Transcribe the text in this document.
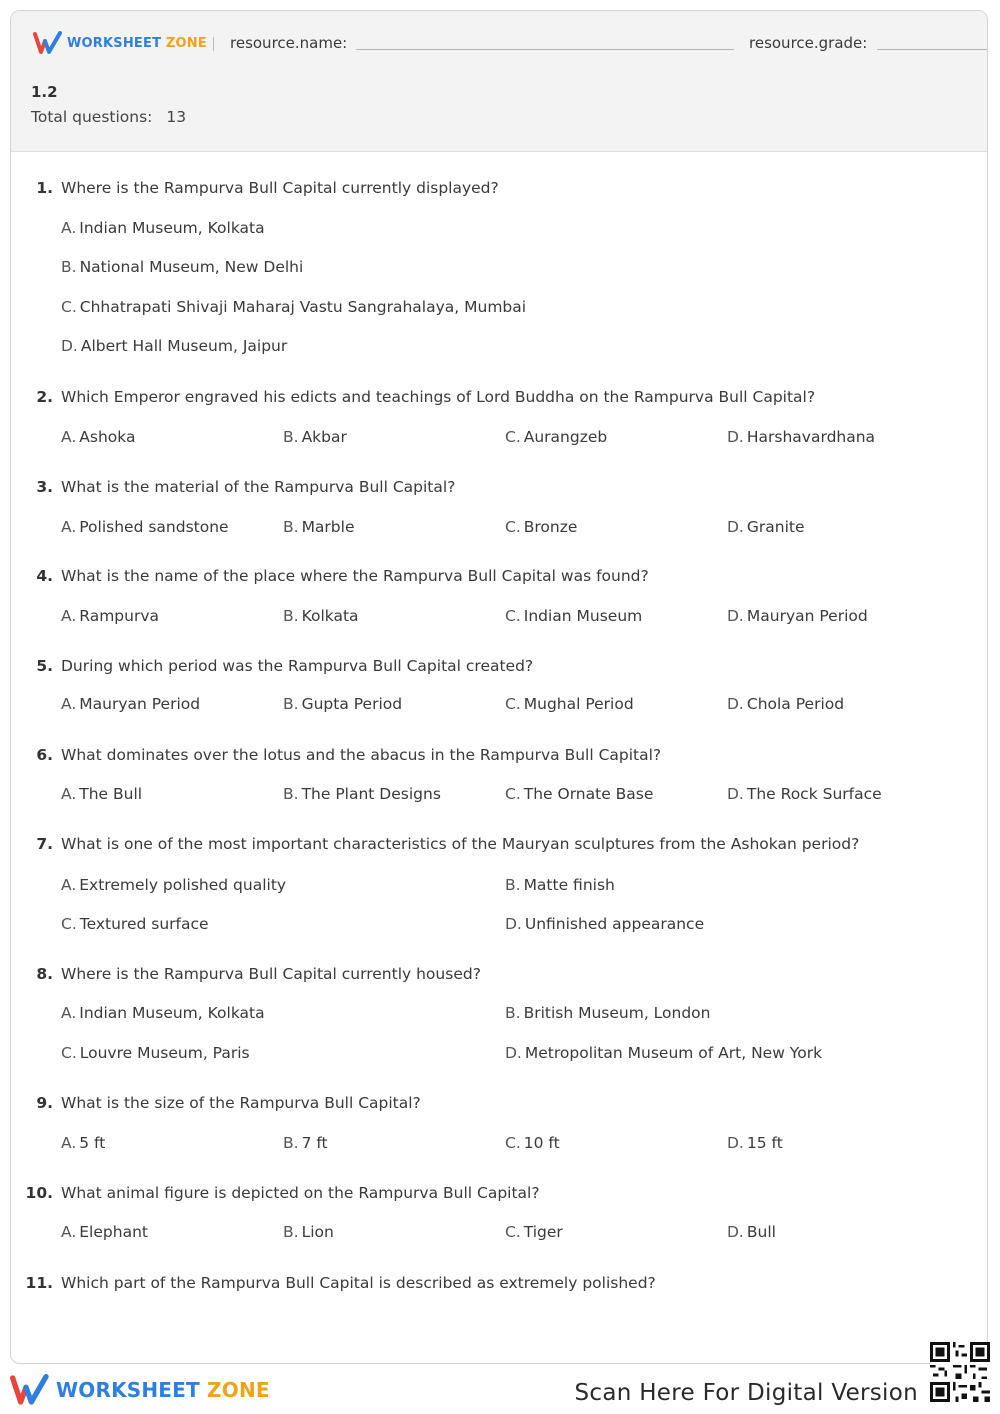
WORKSHEET ZONE resource.name:	resource.grade:
1.2
Total questions: 13
1. Where is the Rampurva Bull Capital currently displayed?
A. Indian Museum, Kolkata
B. National Museum, New Delhi
C. Chhatrapati Shivaji Maharaj Vastu Sangrahalaya, Mumbai
D. Albert Hall Museum, Jaipur
2. Which Emperor engraved his edicts and teachings of Lord Buddha on the Rampurva Bull Capital?
A. Ashoka	B. Akbar	C. Aurangzeb	D. Harshavardhana
3. What is the material of the Rampurva Bull Capital?
A. Polished sandstone	B. Marble	C. Bronze	D. Granite
4. What is the name of the place where the Rampurva Bull Capital was found?
A. Rampurva	B. Kolkata	C. Indian Museum	D. Mauryan Period
5. During which period was the Rampurva Bull Capital created?
A. Mauryan Period	B. Gupta Period	C. Mughal Period	D. Chola Period
6. What dominates over the lotus and the abacus in the Rampurva Bull Capital?
A. The Bull	B. The Plant Designs	C. The Ornate Base	D. The Rock Surface
7. What is one of the most important characteristics of the Mauryan sculptures from the Ashokan period?
A. Extremely polished quality	B. Matte finish
C. Textured surface	D. Unfinished appearance
8. Where is the Rampurva Bull Capital currently housed?
A. Indian Museum, Kolkata	B. British Museum, London
C. Louvre Museum, Paris	D. Metropolitan Museum of Art, New York
9. What is the size of the Rampurva Bull Capital?
A. 5 ft	B. 7 ft	C. 10 ft	D. 15 ft
10. What animal figure is depicted on the Rampurva Bull Capital?
A. Elephant	B. Lion	C. Tiger	D. Bull
11. Which part of the Rampurva Bull Capital is described as extremely polished?
WORKSHEET ZONE	Scan Here For Digital Version
